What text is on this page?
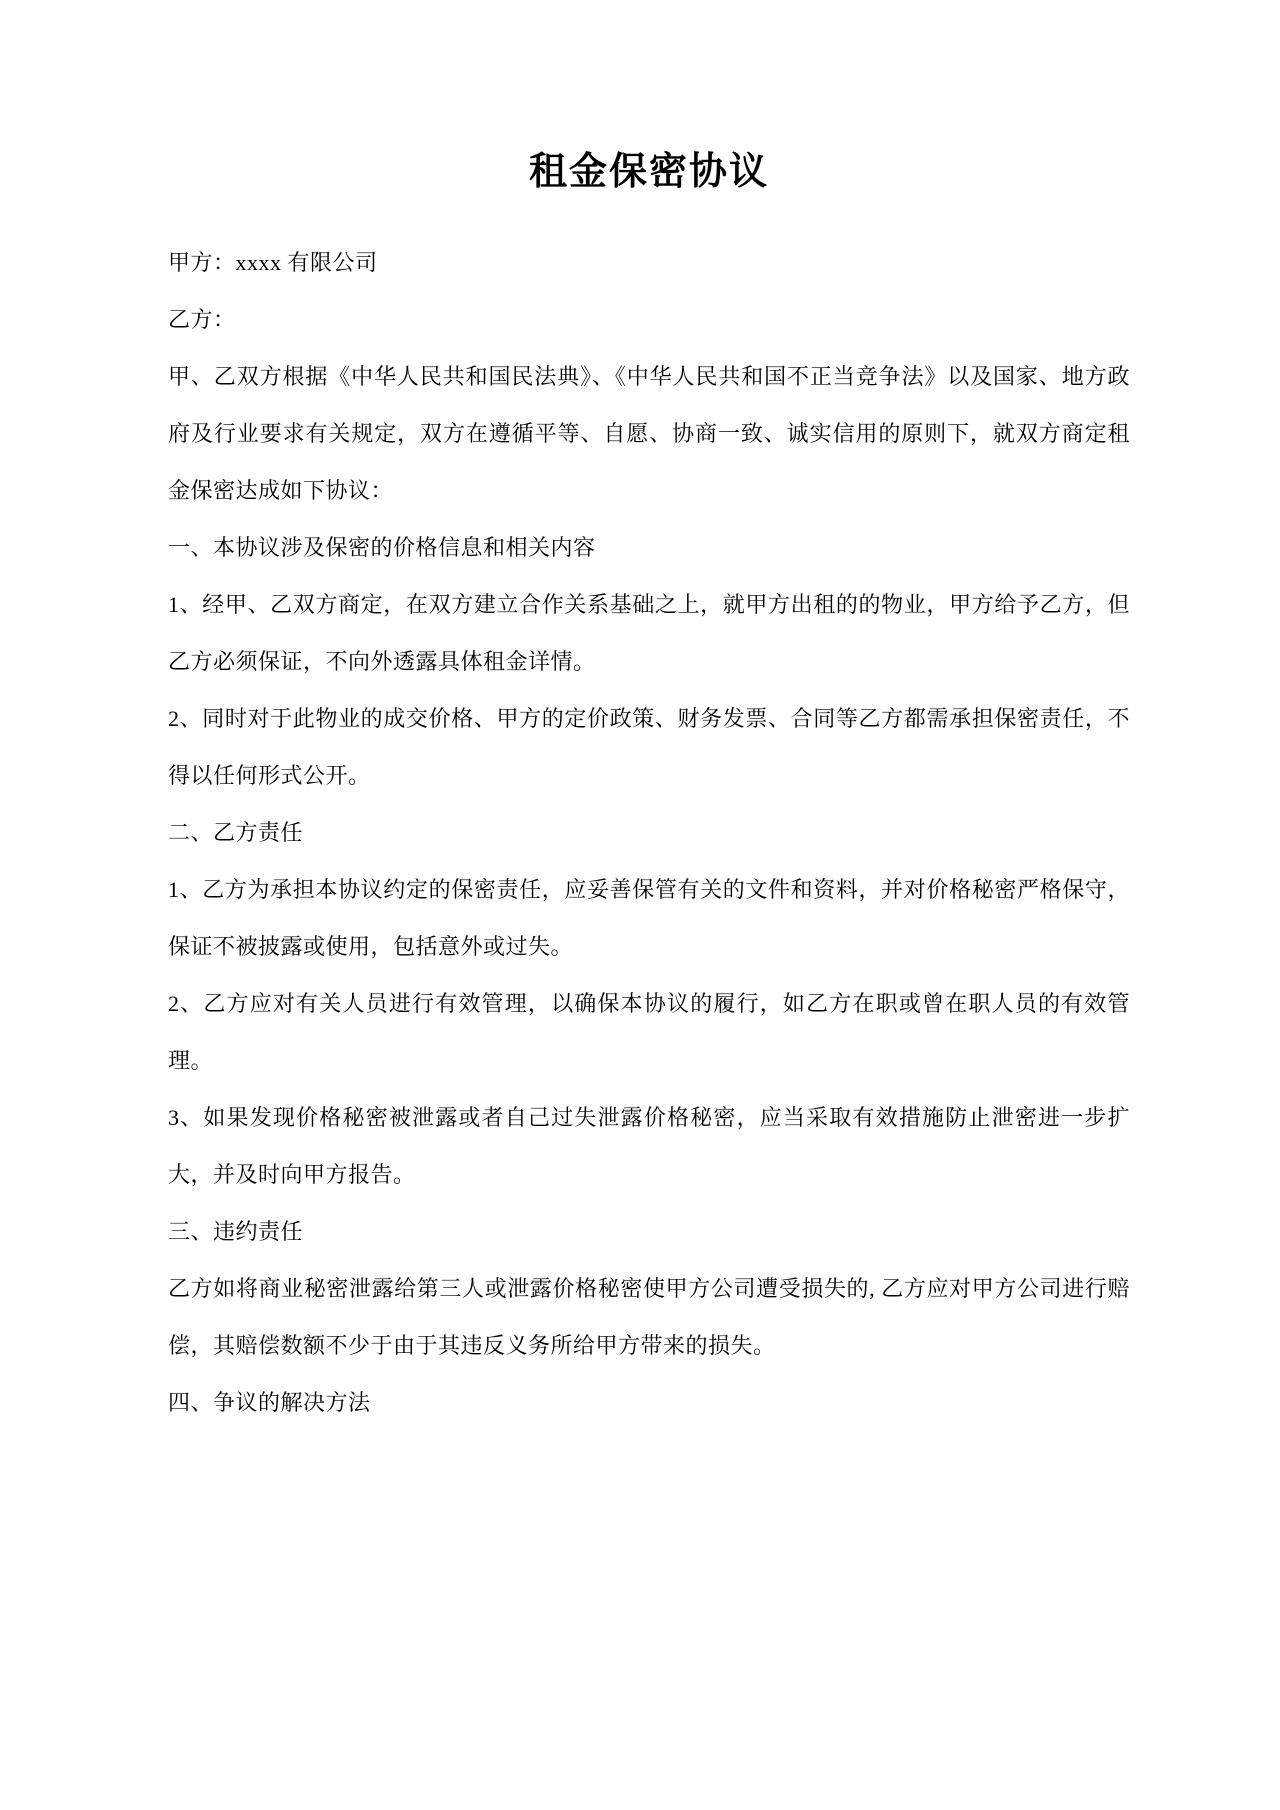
租金保密协议

甲方：xxxx 有限公司

乙方：

甲、乙双方根据《中华人民共和国民法典》、《中华人民共和国不正当竞争法》以及国家、地方政府及行业要求有关规定，双方在遵循平等、自愿、协商一致、诚实信用的原则下，就双方商定租金保密达成如下协议：

一、本协议涉及保密的价格信息和相关内容

1、经甲、乙双方商定，在双方建立合作关系基础之上，就甲方出租的的物业，甲方给予乙方，但乙方必须保证，不向外透露具体租金详情。

2、同时对于此物业的成交价格、甲方的定价政策、财务发票、合同等乙方都需承担保密责任，不得以任何形式公开。

二、乙方责任

1、乙方为承担本协议约定的保密责任，应妥善保管有关的文件和资料，并对价格秘密严格保守，保证不被披露或使用，包括意外或过失。

2、乙方应对有关人员进行有效管理，以确保本协议的履行，如乙方在职或曾在职人员的有效管理。

3、如果发现价格秘密被泄露或者自己过失泄露价格秘密，应当采取有效措施防止泄密进一步扩大，并及时向甲方报告。

三、违约责任

乙方如将商业秘密泄露给第三人或泄露价格秘密使甲方公司遭受损失的, 乙方应对甲方公司进行赔偿，其赔偿数额不少于由于其违反义务所给甲方带来的损失。

四、争议的解决方法
